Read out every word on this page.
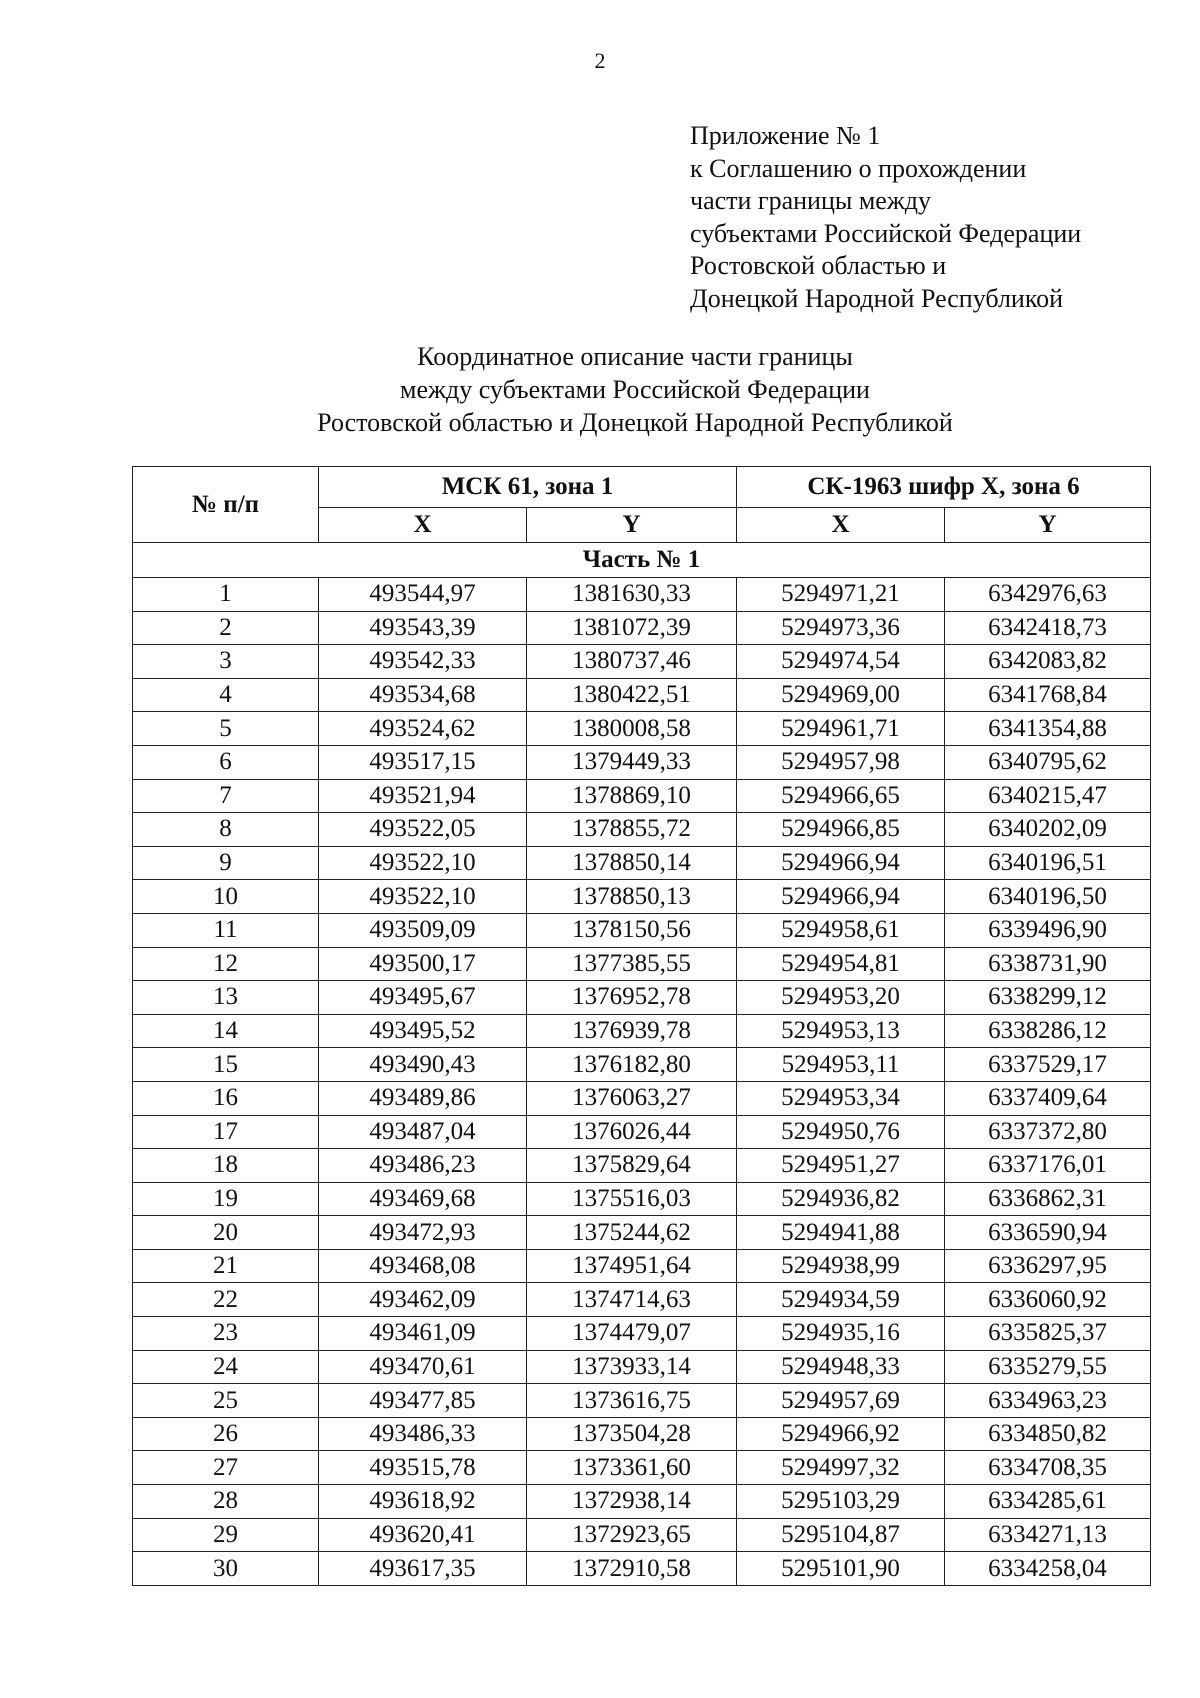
2
Приложение № 1
к Соглашению о прохождении
части границы между
субъектами Российской Федерации
Ростовской областью и
Донецкой Народной Республикой
Координатное описание части границы
между субъектами Российской Федерации
Ростовской областью и Донецкой Народной Республикой
№ п/п	МСК 61, зона 1		СК-1963 шифр X, зона 6	
	X	Y	X	Y
Часть № 1				
1	493544,97	1381630,33	5294971,21	6342976,63
2	493543,39	1381072,39	5294973,36	6342418,73
3	493542,33	1380737,46	5294974,54	6342083,82
4	493534,68	1380422,51	5294969,00	6341768,84
5	493524,62	1380008,58	5294961,71	6341354,88
6	493517,15	1379449,33	5294957,98	6340795,62
7	493521,94	1378869,10	5294966,65	6340215,47
8	493522,05	1378855,72	5294966,85	6340202,09
9	493522,10	1378850,14	5294966,94	6340196,51
10	493522,10	1378850,13	5294966,94	6340196,50
11	493509,09	1378150,56	5294958,61	6339496,90
12	493500,17	1377385,55	5294954,81	6338731,90
13	493495,67	1376952,78	5294953,20	6338299,12
14	493495,52	1376939,78	5294953,13	6338286,12
15	493490,43	1376182,80	5294953,11	6337529,17
16	493489,86	1376063,27	5294953,34	6337409,64
17	493487,04	1376026,44	5294950,76	6337372,80
18	493486,23	1375829,64	5294951,27	6337176,01
19	493469,68	1375516,03	5294936,82	6336862,31
20	493472,93	1375244,62	5294941,88	6336590,94
21	493468,08	1374951,64	5294938,99	6336297,95
22	493462,09	1374714,63	5294934,59	6336060,92
23	493461,09	1374479,07	5294935,16	6335825,37
24	493470,61	1373933,14	5294948,33	6335279,55
25	493477,85	1373616,75	5294957,69	6334963,23
26	493486,33	1373504,28	5294966,92	6334850,82
27	493515,78	1373361,60	5294997,32	6334708,35
28	493618,92	1372938,14	5295103,29	6334285,61
29	493620,41	1372923,65	5295104,87	6334271,13
30	493617,35	1372910,58	5295101,90	6334258,04
